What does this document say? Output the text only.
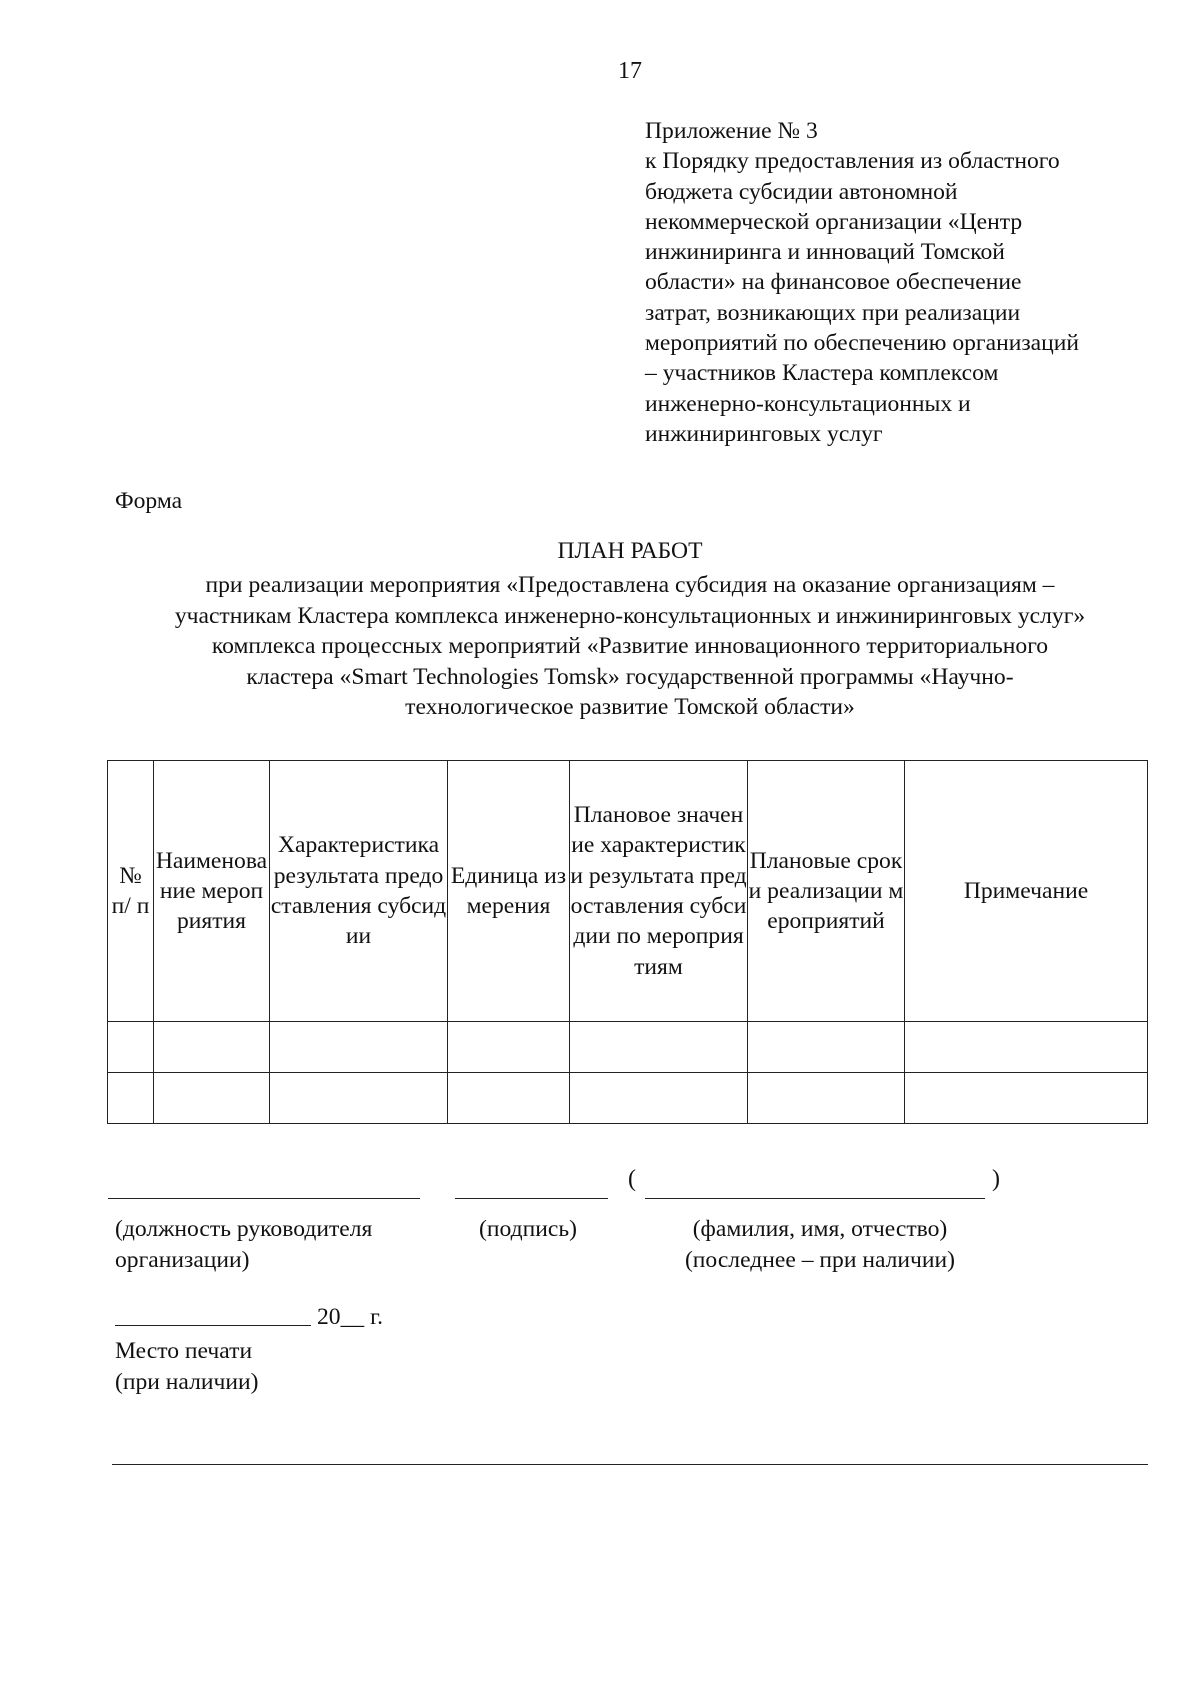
17
Приложение № 3
к Порядку предоставления из областного
бюджета субсидии автономной
некоммерческой организации «Центр
инжиниринга и инноваций Томской
области» на финансовое обеспечение
затрат, возникающих при реализации
мероприятий по обеспечению организаций
– участников Кластера комплексом
инженерно-консультационных и
инжиниринговых услуг
Форма
ПЛАН РАБОТ
при реализации мероприятия «Предоставлена субсидия на оказание организациям –
участникам Кластера комплекса инженерно-консультационных и инжиниринговых услуг»
комплекса процессных мероприятий «Развитие инновационного территориального
кластера «Smart Technologies Tomsk» государственной программы «Научно-
технологическое развитие Томской области»
№ п/ п	Наименование мероприятия	Характеристика результата предоставления субсидии	Единица измерения	Плановое значение характеристик и результата предоставления субсидии по мероприятиям	Плановые сроки реализации мероприятий	Примечание

(	)
(должность руководителя
организации)
(подпись)	(фамилия, имя, отчество)
(последнее – при наличии)
20__ г.
Место печати
(при наличии)
